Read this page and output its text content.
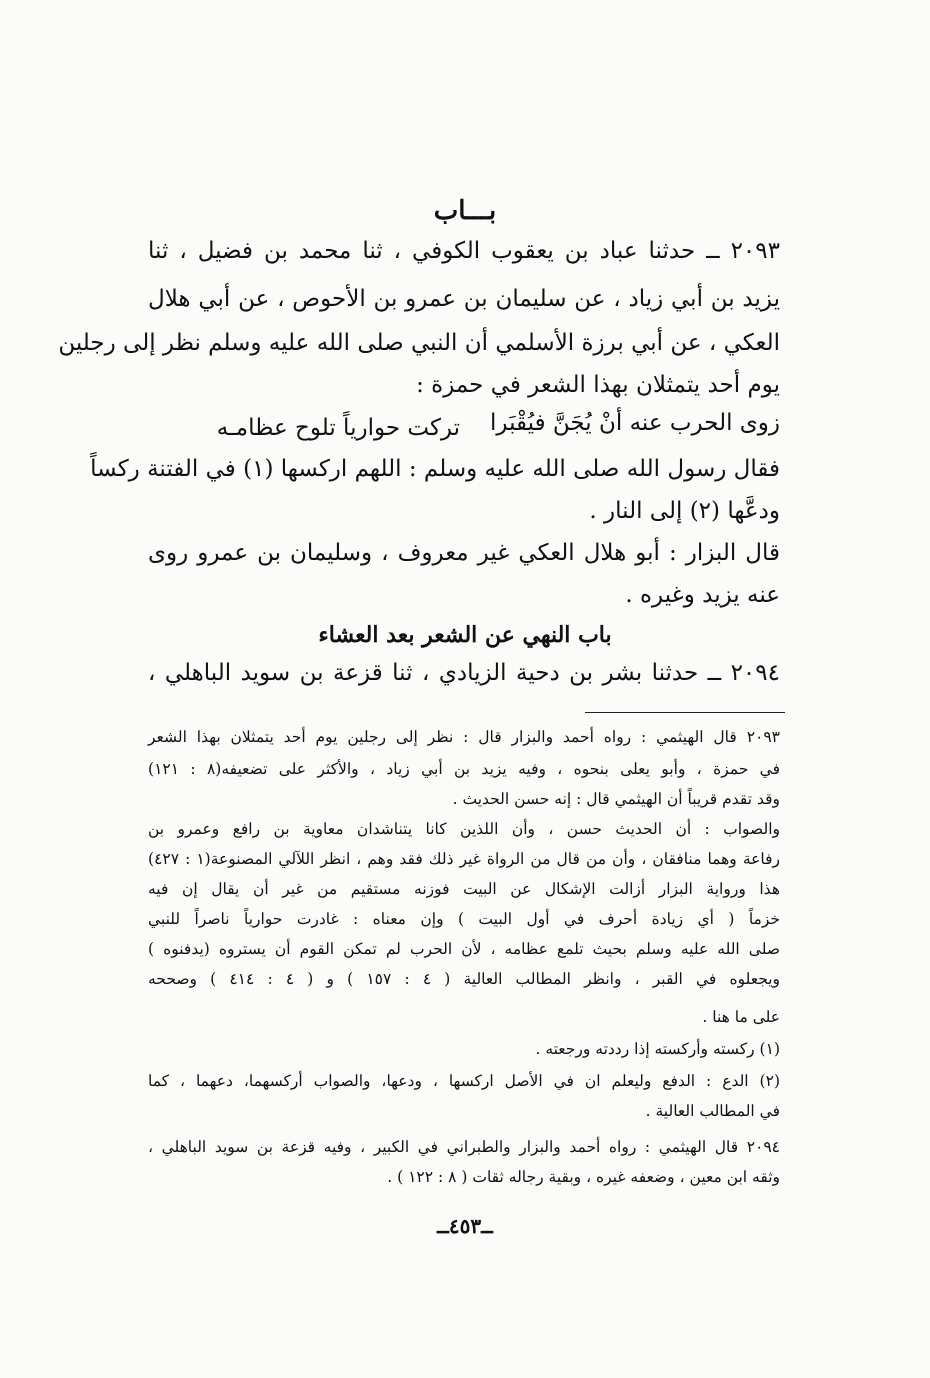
بـــاب
٢٠٩٣ ــ حدثنا عباد بن يعقوب الكوفي ، ثنا محمد بن فضيل ، ثنا
يزيد بن أبي زياد ، عن سليمان بن عمرو بن الأحوص ، عن أبي هلال
العكي ، عن أبي برزة الأسلمي أن النبي صلى الله عليه وسلم نظر إلى رجلين
يوم أحد يتمثلان بهذا الشعر في حمزة :
زوى الحرب عنه أنْ يُجَنَّ فيُقْبَرا
تركت حوارياً تلوح عظامـه
فقال رسول الله صلى الله عليه وسلم : اللهم اركسها (١) في الفتنة ركساً
ودعَّها (٢) إلى النار .
قال البزار : أبو هلال العكي غير معروف ، وسليمان بن عمرو روى
عنه يزيد وغيره .
باب النهي عن الشعر بعد العشاء
٢٠٩٤ ــ حدثنا بشر بن دحية الزيادي ، ثنا قزعة بن سويد الباهلي ،
٢٠٩٣ قال الهيثمي : رواه أحمد والبزار قال : نظر إلى رجلين يوم أحد يتمثلان بهذا الشعر
في حمزة ، وأبو يعلى بنحوه ، وفيه يزيد بن أبي زياد ، والأكثر على تضعيفه(٨ : ١٢١)
وقد تقدم قريباً أن الهيثمي قال : إنه حسن الحديث .
والصواب : أن الحديث حسن ، وأن اللذين كانا يتناشدان معاوية بن رافع وعمرو بن
رفاعة وهما منافقان ، وأن من قال من الرواة غير ذلك فقد وهم ، انظر اللآلي المصنوعة(١ : ٤٢٧)
هذا ورواية البزار أزالت الإشكال عن البيت فوزنه مستقيم من غير أن يقال إن فيه
خزماً ( أي زيادة أحرف في أول البيت ) وإن معناه : غادرت حوارياً ناصراً للنبي
صلى الله عليه وسلم بحيث تلمع عظامه ، لأن الحرب لم تمكن القوم أن يستروه (يدفنوه )
ويجعلوه في القبر ، وانظر المطالب العالية ( ٤ : ١٥٧ ) و ( ٤ : ٤١٤ ) وصححه
على ما هنا .
(١) ركسته وأركسته إذا رددته ورجعته .
(٢) الدع : الدفع وليعلم ان في الأصل اركسها ، ودعها، والصواب أركسهما، دعهما ، كما
في المطالب العالية .
٢٠٩٤ قال الهيثمي : رواه أحمد والبزار والطبراني في الكبير ، وفيه قزعة بن سويد الباهلي ،
وثقه ابن معين ، وضعفه غيره ، وبقية رجاله ثقات ( ٨ : ١٢٢ ) .
ــ٤٥٣ــ
